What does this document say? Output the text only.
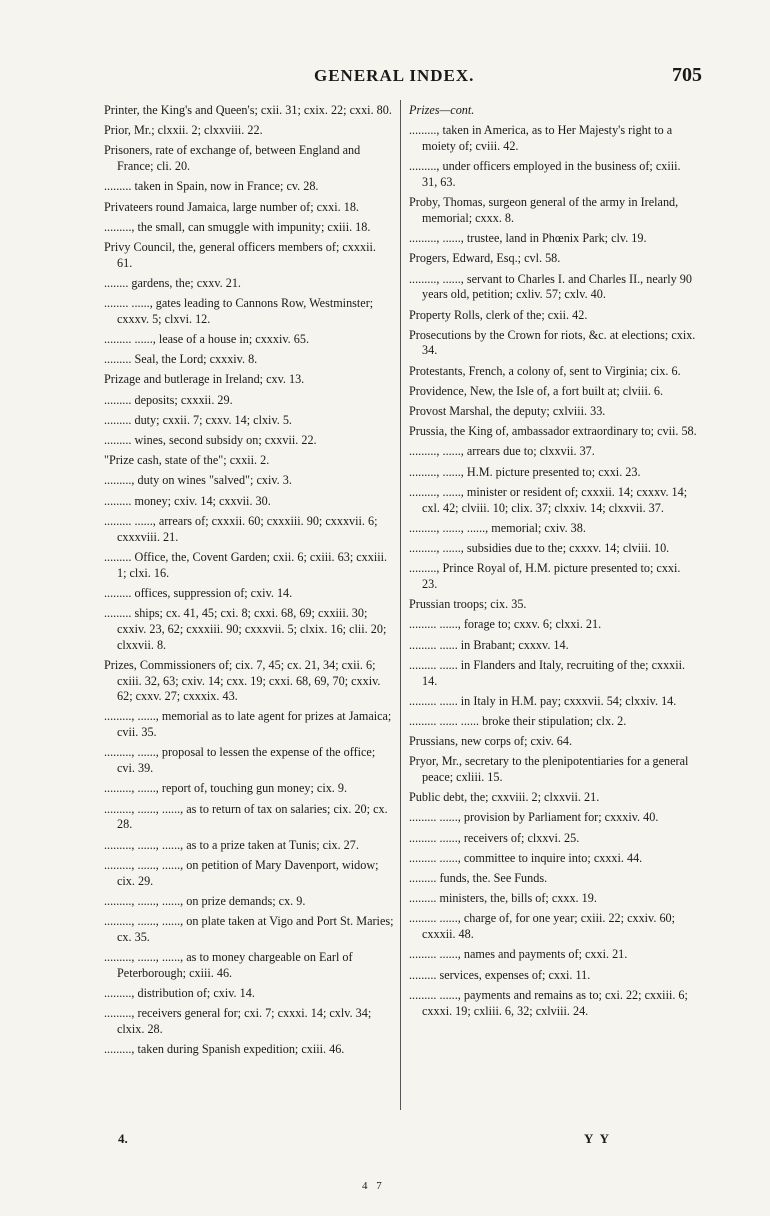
GENERAL INDEX.	705
Printer, the King's and Queen's; cxii. 31; cxix. 22; cxxi. 80.
Prior, Mr.; clxxii. 2; clxxviii. 22.
Prisoners, rate of exchange of, between England and France; cli. 20.
......... taken in Spain, now in France; cv. 28.
Privateers round Jamaica, large number of; cxxi. 18.
........., the small, can smuggle with impunity; cxiii. 18.
Privy Council, the, general officers members of; cxxxii. 61.
........ gardens, the; cxxv. 21.
........ ......, gates leading to Cannons Row, Westminster; cxxxv. 5; clxvi. 12.
......... ......, lease of a house in; cxxxiv. 65.
......... Seal, the Lord; cxxxiv. 8.
Prizage and butlerage in Ireland; cxv. 13.
......... deposits; cxxxii. 29.
......... duty; cxxii. 7; cxxv. 14; clxiv. 5.
......... wines, second subsidy on; cxxvii. 22.
"Prize cash, state of the"; cxxii. 2.
........., duty on wines "salved"; cxiv. 3.
......... money; cxiv. 14; cxxvii. 30.
......... ......, arrears of; cxxxii. 60; cxxxiii. 90; cxxxvii. 6; cxxxviii. 21.
......... Office, the, Covent Garden; cxii. 6; cxiii. 63; cxxiii. 1; clxi. 16.
......... offices, suppression of; cxiv. 14.
......... ships; cx. 41, 45; cxi. 8; cxxi. 68, 69; cxxiii. 30; cxxiv. 23, 62; cxxxiii. 90; cxxxvii. 5; clxix. 16; clii. 20; clxxvii. 8.
Prizes, Commissioners of; cix. 7, 45; cx. 21, 34; cxii. 6; cxiii. 32, 63; cxiv. 14; cxx. 19; cxxi. 68, 69, 70; cxxiv. 62; cxxv. 27; cxxxix. 43.
........., ......, memorial as to late agent for prizes at Jamaica; cvii. 35.
........., ......, proposal to lessen the expense of the office; cvi. 39.
........., ......, report of, touching gun money; cix. 9.
........., ......, ......, as to return of tax on salaries; cix. 20; cx. 28.
........., ......, ......, as to a prize taken at Tunis; cix. 27.
........., ......, ......, on petition of Mary Davenport, widow; cix. 29.
........., ......, ......, on prize demands; cx. 9.
........., ......, ......, on plate taken at Vigo and Port St. Maries; cx. 35.
........., ......, ......, as to money chargeable on Earl of Peterborough; cxiii. 46.
........., distribution of; cxiv. 14.
........., receivers general for; cxi. 7; cxxxi. 14; cxlv. 34; clxix. 28.
........., taken during Spanish expedition; cxiii. 46.
Prizes—cont.
........., taken in America, as to Her Majesty's right to a moiety of; cviii. 42.
........., under officers employed in the business of; cxiii. 31, 63.
Proby, Thomas, surgeon general of the army in Ireland, memorial; cxxx. 8.
........., ......, trustee, land in Phœnix Park; clv. 19.
Progers, Edward, Esq.; cvl. 58.
........., ......, servant to Charles I. and Charles II., nearly 90 years old, petition; cxliv. 57; cxlv. 40.
Property Rolls, clerk of the; cxii. 42.
Prosecutions by the Crown for riots, &c. at elections; cxix. 34.
Protestants, French, a colony of, sent to Virginia; cix. 6.
Providence, New, the Isle of, a fort built at; clviii. 6.
Provost Marshal, the deputy; cxlviii. 33.
Prussia, the King of, ambassador extraordinary to; cvii. 58.
........., ......, arrears due to; clxxvii. 37.
........., ......, H.M. picture presented to; cxxi. 23.
........., ......, minister or resident of; cxxxii. 14; cxxxv. 14; cxl. 42; clviii. 10; clix. 37; clxxiv. 14; clxxvii. 37.
........., ......, ......, memorial; cxiv. 38.
........., ......, subsidies due to the; cxxxv. 14; clviii. 10.
........., Prince Royal of, H.M. picture presented to; cxxi. 23.
Prussian troops; cix. 35.
......... ......, forage to; cxxv. 6; clxxi. 21.
......... ...... in Brabant; cxxxv. 14.
......... ...... in Flanders and Italy, recruiting of the; cxxxii. 14.
......... ...... in Italy in H.M. pay; cxxxvii. 54; clxxiv. 14.
......... ...... ...... broke their stipulation; clx. 2.
Prussians, new corps of; cxiv. 64.
Pryor, Mr., secretary to the plenipotentiaries for a general peace; cxliii. 15.
Public debt, the; cxxviii. 2; clxxvii. 21.
......... ......, provision by Parliament for; cxxxiv. 40.
......... ......, receivers of; clxxvi. 25.
......... ......, committee to inquire into; cxxxi. 44.
......... funds, the. See Funds.
......... ministers, the, bills of; cxxx. 19.
......... ......, charge of, for one year; cxiii. 22; cxxiv. 60; cxxxii. 48.
......... ......, names and payments of; cxxi. 21.
......... services, expenses of; cxxi. 11.
......... ......, payments and remains as to; cxi. 22; cxxiii. 6; cxxxi. 19; cxliii. 6, 32; cxlviii. 24.
4.
4 7
Y Y
